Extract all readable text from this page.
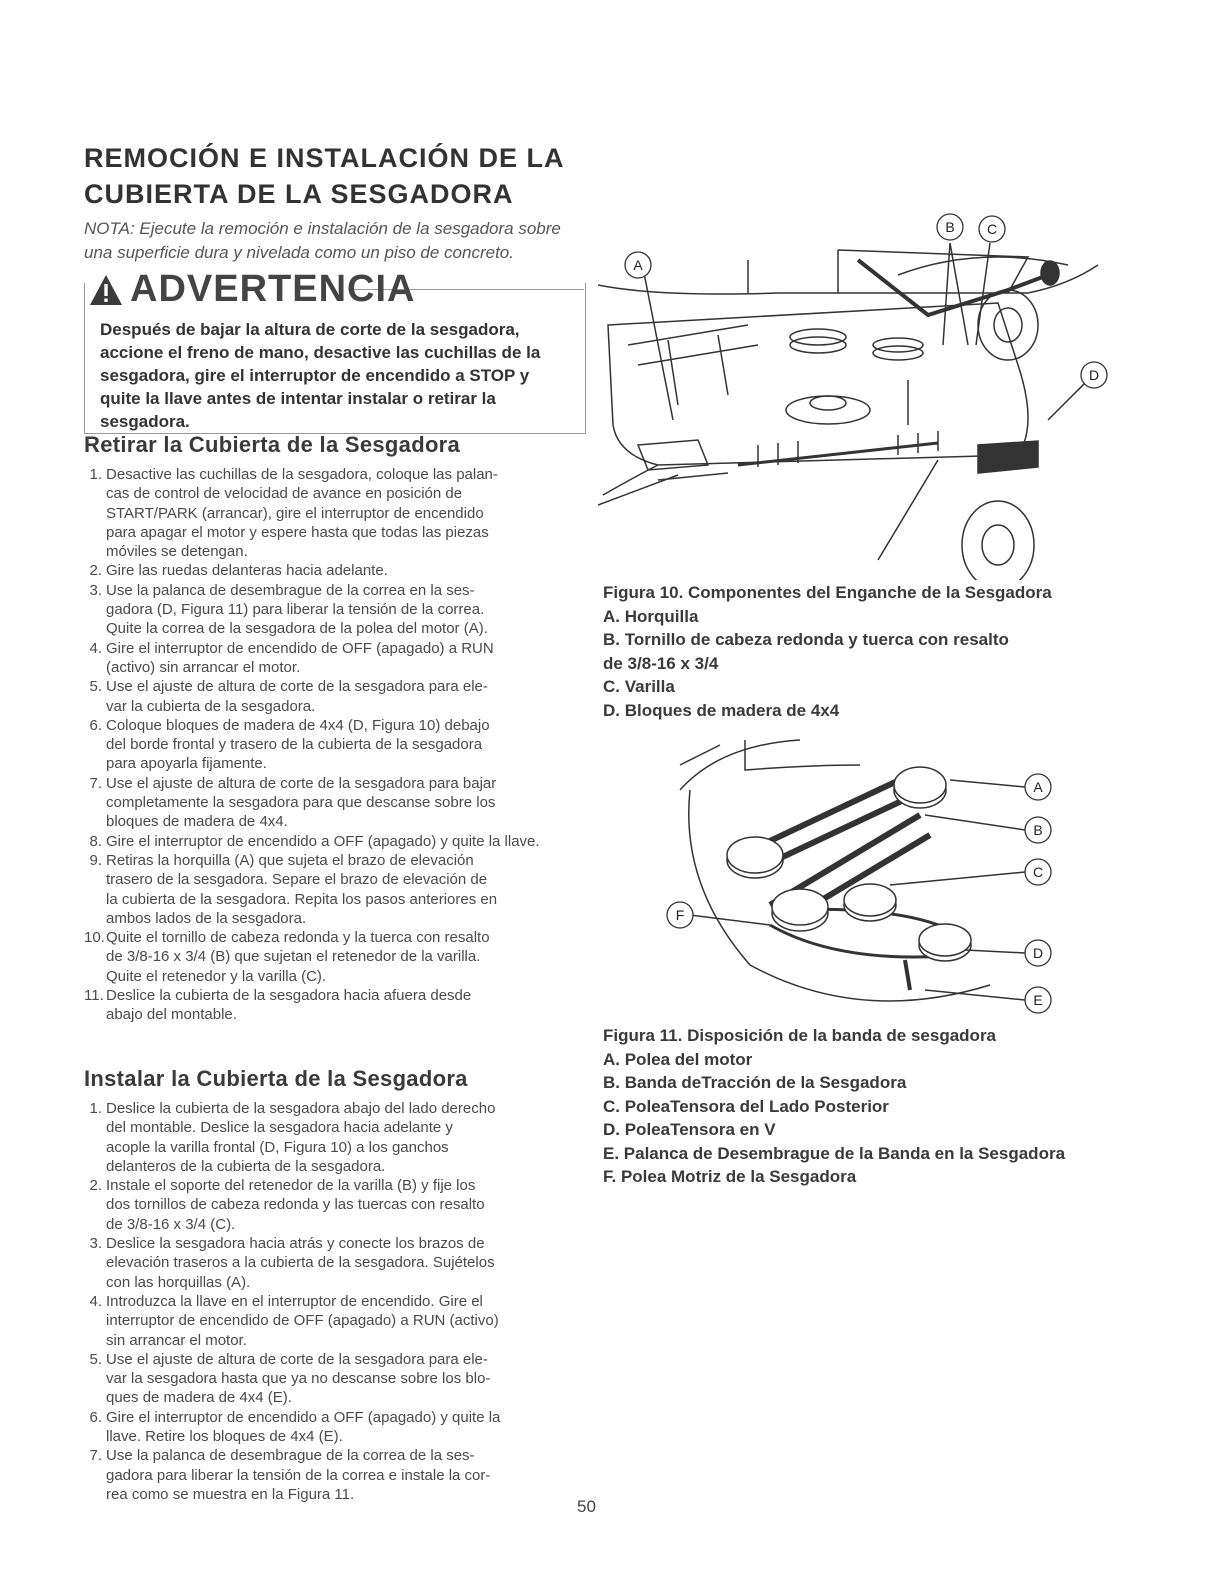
REMOCIÓN E INSTALACIÓN DE LA
CUBIERTA DE LA SESGADORA
NOTA: Ejecute la remoción e instalación de la sesgadora sobre
una superficie dura y nivelada como un piso de concreto.
ADVERTENCIA
Después de bajar la altura de corte de la sesgadora,
accione el freno de mano, desactive las cuchillas de la
sesgadora, gire el interruptor de encendido a STOP y
quite la llave antes de intentar instalar o retirar la
sesgadora.
Retirar la Cubierta de la Sesgadora
1. Desactive las cuchillas de la sesgadora, coloque las palan-
cas de control de velocidad de avance en posición de
START/PARK (arrancar), gire el interruptor de encendido
para apagar el motor y espere hasta que todas las piezas
móviles se detengan.
2. Gire las ruedas delanteras hacia adelante.
3. Use la palanca de desembrague de la correa en la ses-
gadora (D, Figura 11) para liberar la tensión de la correa.
Quite la correa de la sesgadora de la polea del motor (A).
4. Gire el interruptor de encendido de OFF (apagado) a RUN
(activo) sin arrancar el motor.
5. Use el ajuste de altura de corte de la sesgadora para ele-
var la cubierta de la sesgadora.
6. Coloque bloques de madera de 4x4 (D, Figura 10) debajo
del borde frontal y trasero de la cubierta de la sesgadora
para apoyarla fijamente.
7. Use el ajuste de altura de corte de la sesgadora para bajar
completamente la sesgadora para que descanse sobre los
bloques de madera de 4x4.
8. Gire el interruptor de encendido a OFF (apagado) y quite la llave.
9. Retiras la horquilla (A) que sujeta el brazo de elevación
trasero de la sesgadora. Separe el brazo de elevación de
la cubierta de la sesgadora. Repita los pasos anteriores en
ambos lados de la sesgadora.
10. Quite el tornillo de cabeza redonda y la tuerca con resalto
de 3/8-16 x 3/4 (B) que sujetan el retenedor de la varilla.
Quite el retenedor y la varilla (C).
11. Deslice la cubierta de la sesgadora hacia afuera desde
abajo del montable.
Instalar la Cubierta de la Sesgadora
1. Deslice la cubierta de la sesgadora abajo del lado derecho
del montable. Deslice la sesgadora hacia adelante y
acople la varilla frontal (D, Figura 10) a los ganchos
delanteros de la cubierta de la sesgadora.
2. Instale el soporte del retenedor de la varilla (B) y fije los
dos tornillos de cabeza redonda y las tuercas con resalto
de 3/8-16 x 3/4 (C).
3. Deslice la sesgadora hacia atrás y conecte los brazos de
elevación traseros a la cubierta de la sesgadora. Sujételos
con las horquillas (A).
4. Introduzca la llave en el interruptor de encendido. Gire el
interruptor de encendido de OFF (apagado) a RUN (activo)
sin arrancar el motor.
5. Use el ajuste de altura de corte de la sesgadora para ele-
var la sesgadora hasta que ya no descanse sobre los blo-
ques de madera de 4x4 (E).
6. Gire el interruptor de encendido a OFF (apagado) y quite la
llave. Retire los bloques de 4x4 (E).
7. Use la palanca de desembrague de la correa de la ses-
gadora para liberar la tensión de la correa e instale la cor-
rea como se muestra en la Figura 11.
50
A
B C
D
Figura 10. Componentes del Enganche de la Sesgadora
A. Horquilla
B. Tornillo de cabeza redonda y tuerca con resalto
de 3/8-16 x 3/4
C. Varilla
D. Bloques de madera de 4x4
A
B
C
D
E
F
Figura 11. Disposición de la banda de sesgadora
A. Polea del motor
B. Banda deTracción de la Sesgadora
C. PoleaTensora del Lado Posterior
D. PoleaTensora en V
E. Palanca de Desembrague de la Banda en la Sesgadora
F. Polea Motriz de la Sesgadora
